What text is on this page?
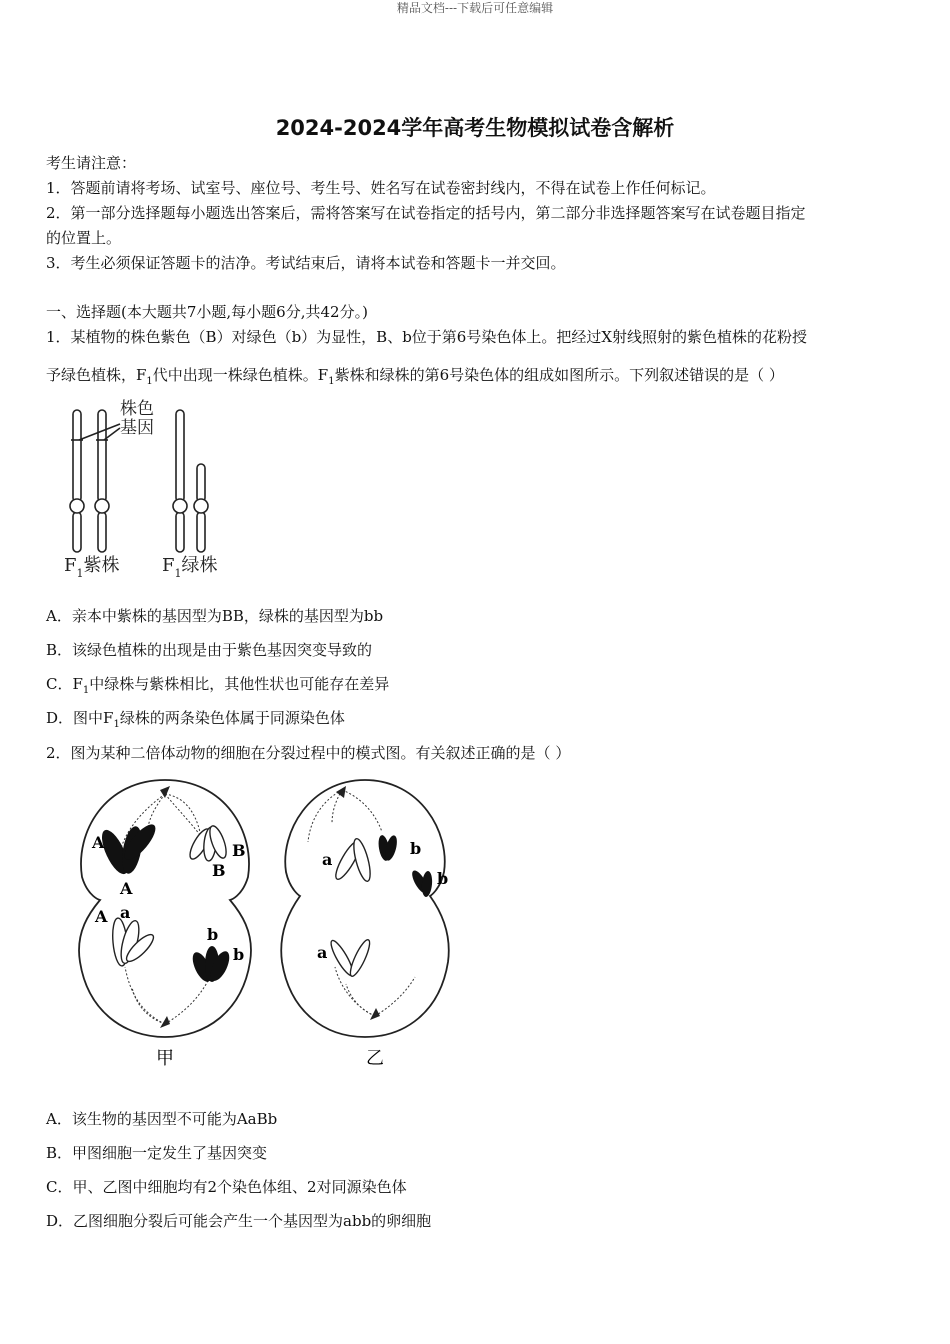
精品文档---下载后可任意编辑
2024-2024学年高考生物模拟试卷含解析
考生请注意：
1．答题前请将考场、试室号、座位号、考生号、姓名写在试卷密封线内，不得在试卷上作任何标记。
2．第一部分选择题每小题选出答案后，需将答案写在试卷指定的括号内，第二部分非选择题答案写在试卷题目指定
的位置上。
3．考生必须保证答题卡的洁净。考试结束后，请将本试卷和答题卡一并交回。
一、选择题(本大题共7小题,每小题6分,共42分。)
1．某植物的株色紫色（B）对绿色（b）为显性，B、b位于第6号染色体上。把经过X射线照射的紫色植株的花粉授
予绿色植株，$F_1$代中出现一株绿色植株。$F_1$紫株和绿株的第6号染色体的组成如图所示。下列叙述错误的是（ ）
株色
基因
$F_1$紫株 $F_1$绿株
A．亲本中紫株的基因型为BB，绿株的基因型为bb
B．该绿色植株的出现是由于紫色基因突变导致的
C．$F_1$中绿株与紫株相比，其他性状也可能存在差异
D．图中$F_1$绿株的两条染色体属于同源染色体
2．图为某种二倍体动物的细胞在分裂过程中的模式图。有关叙述正确的是（ ）
A
A
B
B
A a
b
b
甲
a
b
b
a
乙
A．该生物的基因型不可能为AaBb
B．甲图细胞一定发生了基因突变
C．甲、乙图中细胞均有2个染色体组、2对同源染色体
D．乙图细胞分裂后可能会产生一个基因型为abb的卵细胞
